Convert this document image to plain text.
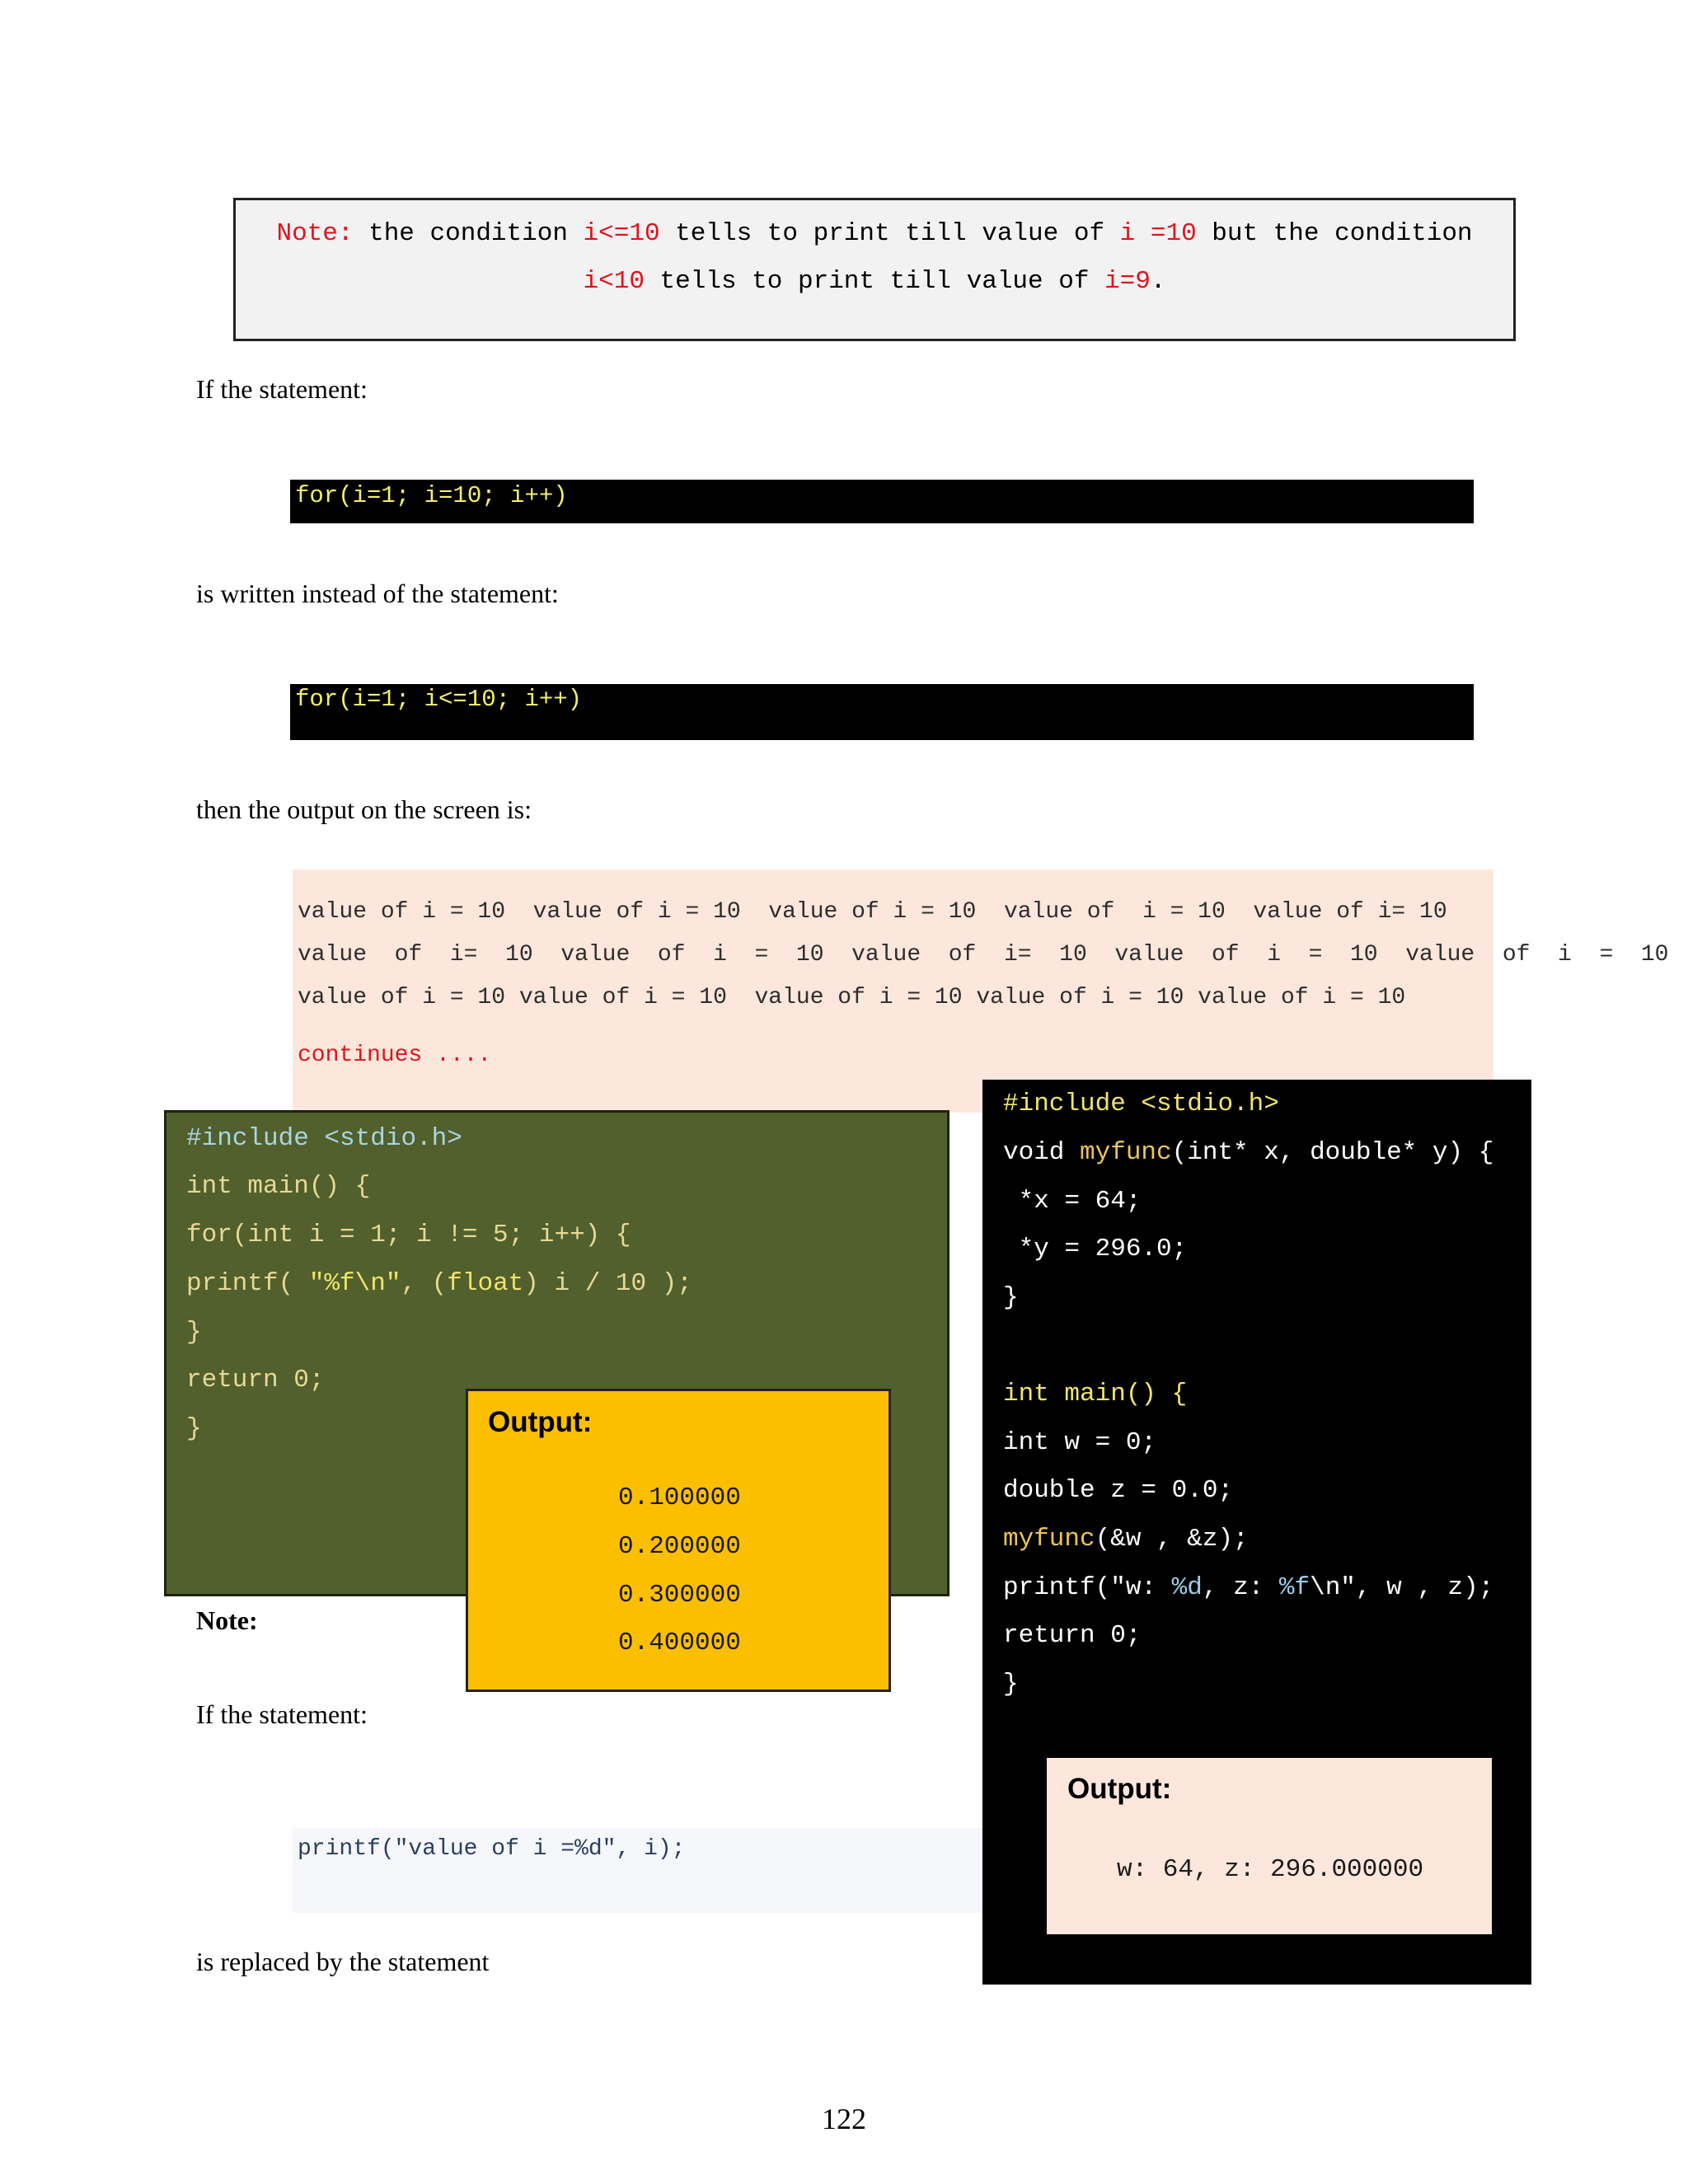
Note: the condition i<=10 tells to print till value of i =10 but the condition
i<10 tells to print till value of i=9.
If the statement:
for(i=1; i=10; i++)
is written instead of the statement:
for(i=1; i<=10; i++)
then the output on the screen is:
value of i = 10  value of i = 10  value of i = 10  value of  i = 10  value of i= 10
value  of  i=  10  value  of  i  =  10  value  of  i=  10  value  of  i  =  10  value  of  i  =  10
value of i = 10 value of i = 10  value of i = 10 value of i = 10 value of i = 10
continues ....
Note:
If the statement:
printf("value of i =%d", i);
is replaced by the statement
#include <stdio.h>
int main() {
for(int i = 1; i != 5; i++) {
printf( "%f\n", (float) i / 10 );
}
return 0;
}	Output:
0.100000
0.200000
0.300000
0.400000
#include <stdio.h>
void myfunc(int* x, double* y) {
*x = 64;
*y = 296.0;
}
int main() {
int w = 0;
double z = 0.0;
myfunc(&w , &z);
printf("w: %d, z: %f\n", w , z);
return 0;
}
Output:
w: 64, z: 296.000000
122
